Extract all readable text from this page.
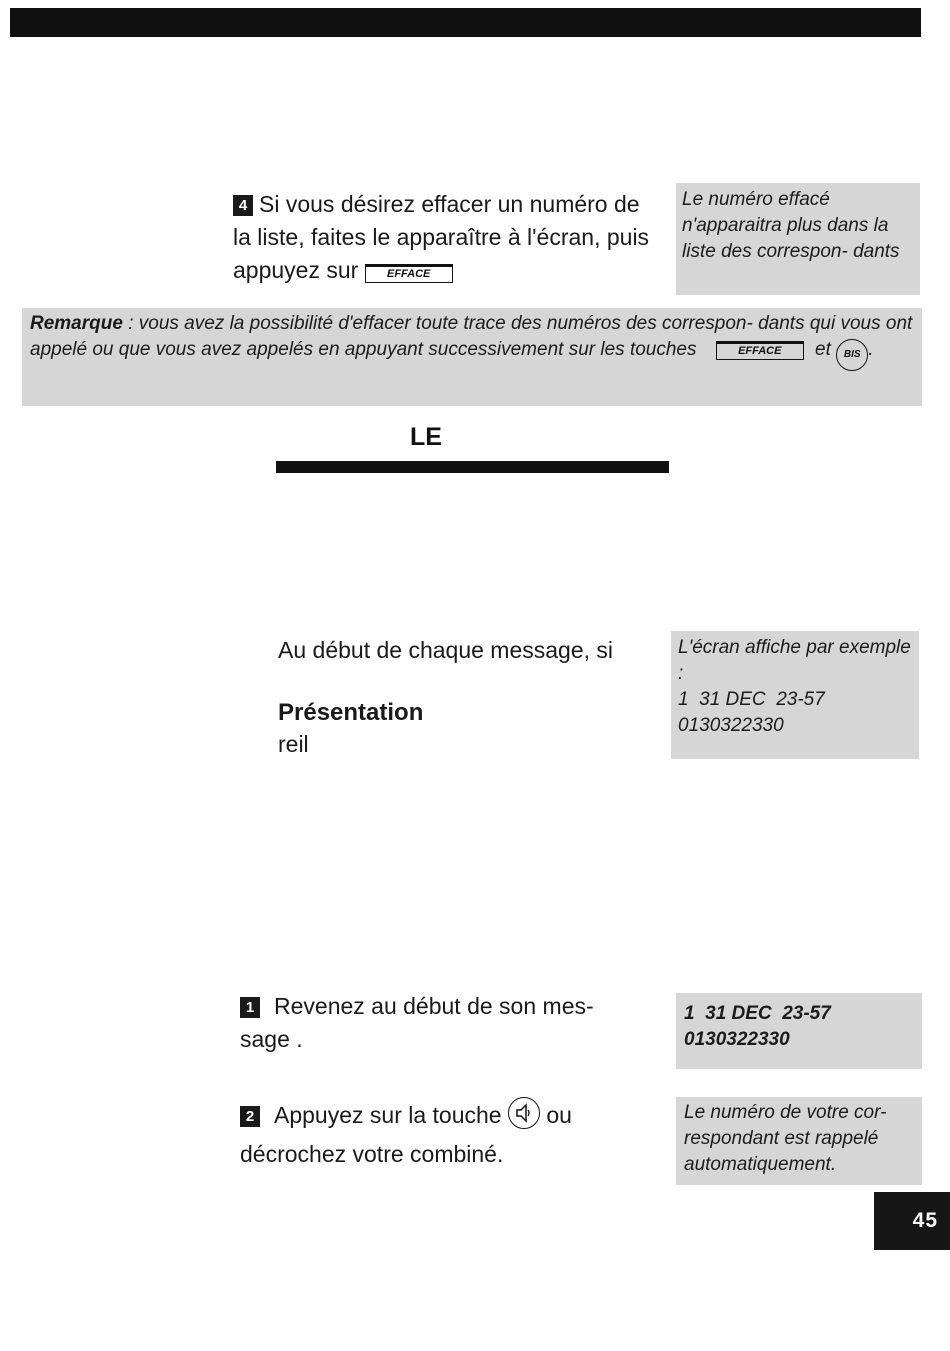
4 Si vous désirez effacer un numéro de la liste, faites le apparaître à l'écran, puis appuyez sur	EFFACE
Le numéro effacé n'apparaitra plus dans la liste des correspon- dants
Remarque : vous avez la possibilité d'effacer toute trace des numéros des correspon- dants qui vous ont appelé ou que vous avez appelés en appuyant successivement sur les touches	EFFACE et BIS .
LE
Au début de chaque message, si
Présentation
reil
L'écran affiche par exemple :
1  31 DEC  23-57
0130322330
1 Revenez au début de son mes- sage .
1  31 DEC  23-57
0130322330
2 Appuyez sur la touche ou décrochez votre combiné.
Le numéro de votre cor- respondant est rappelé automatiquement.
45
